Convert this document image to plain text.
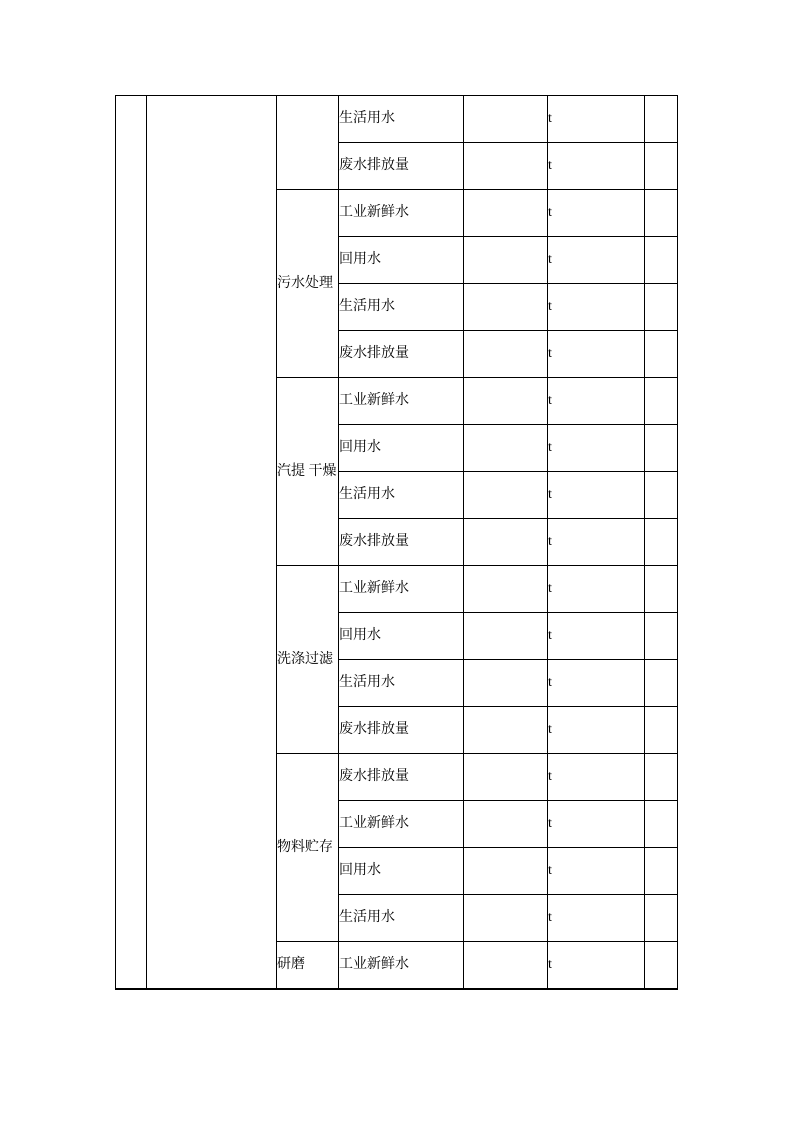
			生活用水		t	
			废水排放量		t	
		污水处理	工业新鲜水		t	
			回用水		t	
			生活用水		t	
			废水排放量		t	
		汽提 干燥	工业新鲜水		t	
			回用水		t	
			生活用水		t	
			废水排放量		t	
		洗涤过滤	工业新鲜水		t	
			回用水		t	
			生活用水		t	
			废水排放量		t	
		物料贮存	废水排放量		t	
			工业新鲜水		t	
			回用水		t	
			生活用水		t	
		研磨	工业新鲜水		t	
